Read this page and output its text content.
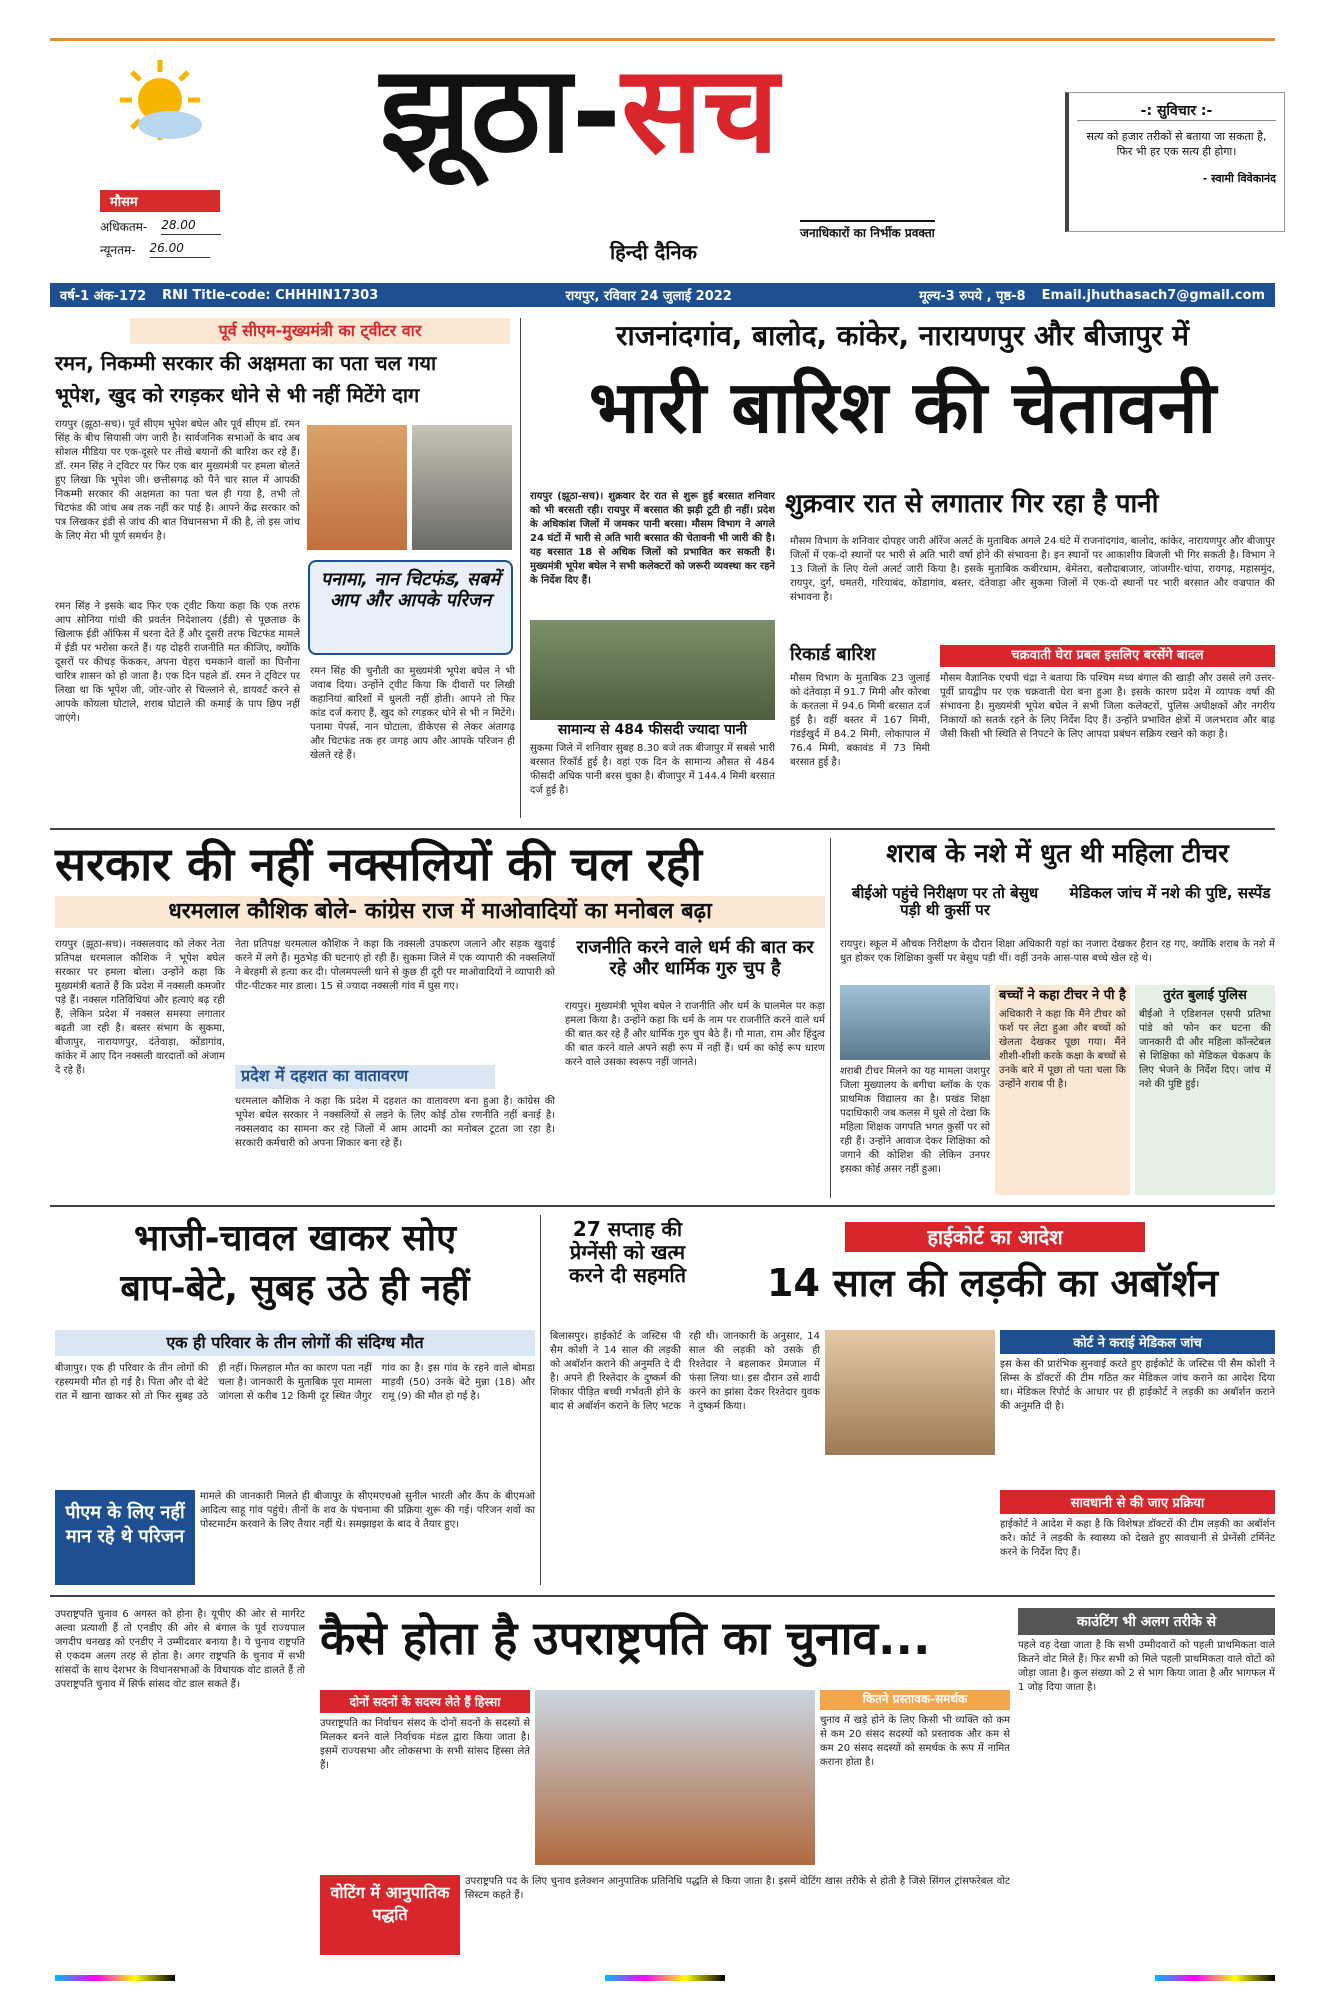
मौसम
अधिकतम- 28.00
न्यूनतम- 26.00
झूठा-सच
हिन्दी दैनिक
जनाधिकारों का निर्भीक प्रवक्ता
-: सुविचार :-
सत्य को हजार तरीकों से बताया जा सकता है, फिर भी हर एक सत्य ही होगा।
- स्वामी विवेकानंद
वर्ष-1 अंक-172 RNI Title-code: CHHHIN17303	रायपुर, रविवार 24 जुलाई 2022	मूल्य-3 रुपये , पृष्ठ-8 Email.jhuthasach7@gmail.com
पूर्व सीएम-मुख्यमंत्री का ट्वीटर वार
रमन, निकम्मी सरकार की अक्षमता का पता चल गया
भूपेश, खुद को रगड़कर धोने से भी नहीं मिटेंगे दाग
रायपुर (झूठा-सच)। पूर्व सीएम भूपेश बघेल और पूर्व सीएम डॉ. रमन सिंह के बीच सियासी जंग जारी है। सार्वजनिक सभाओं के बाद अब सोशल मीडिया पर एक-दूसरे पर तीखे बयानों की बारिश कर रहे हैं। डॉ. रमन सिंह ने ट्विटर पर फिर एक बार मुख्यमंत्री पर हमला बोलते हुए लिखा कि भूपेश जी। छत्तीसगढ़ को पैने चार साल में आपकी निकम्मी सरकार की अक्षमता का पता चल ही गया है, तभी तो चिटफंड की जांच अब तक नहीं कर पाई है। आपने केंद्र सरकार को पत्र लिखकर इंडी से जांच की बात विधानसभा में की है, तो इस जांच के लिए मेरा भी पूर्ण समर्थन है।
रमन सिंह ने इसके बाद फिर एक ट्वीट किया कहा कि एक तरफ आप सोनिया गांधी की प्रवर्तन निदेशालय (ईडी) से पूछताछ के खिलाफ ईडी ऑफिस में धरना देते हैं और दूसरी तरफ चिटफंड मामले में ईडी पर भरोसा करते हैं। यह दोहरी राजनीति मत कीजिए, क्योंकि दूसरों पर कीचड़ फेंककर, अपना चेहरा चमकाने वालों का घिनौना चारित्र शासन को हो जाता है। एक दिन पहले डॉ. रमन ने ट्विटर पर लिखा था कि भूपेश जी, जोर-जोर से चिल्लाने से, डायवर्ट करने से आपके कोयला घोटाले, शराब घोटाले की कमाई के पाप छिप नहीं जाएंगे।
पनामा, नान चिटफंड, सबमें आप और आपके परिजन
रमन सिंह की चुनौती का मुख्यमंत्री भूपेश बघेल ने भी जवाब दिया। उन्होंने ट्वीट किया कि दीवारों पर लिखी कहानियां बारिशों में धुलती नहीं होती। आपने तो फिर कांड दर्ज कराए हैं, खुद को रगड़कर धोने से भी न मिटेंगे। पनामा पेपर्स, नान घोटाला, डीकेएस से लेकर अंतागढ़ और चिटफंड तक हर जगह आप और आपके परिजन ही खेलते रहे हैं।
राजनांदगांव, बालोद, कांकेर, नारायणपुर और बीजापुर में
भारी बारिश की चेतावनी
रायपुर (झूठा-सच)। शुक्रवार देर रात से शुरू हुई बरसात शनिवार को भी बरसती रही। रायपुर में बरसात की झड़ी टूटी ही नहीं। प्रदेश के अधिकांश जिलों में जमकर पानी बरसा। मौसम विभाग ने अगले 24 घंटों में भारी से अति भारी बरसात की चेतावनी भी जारी की है। यह बरसात 18 से अधिक जिलों को प्रभावित कर सकती है। मुख्यमंत्री भूपेश बघेल ने सभी कलेक्टरों को जरूरी व्यवस्था कर रहने के निर्देश दिए हैं।
शुक्रवार रात से लगातार गिर रहा है पानी
मौसम विभाग के शनिवार दोपहर जारी ऑरेंज अलर्ट के मुताबिक अगले 24 घंटे में राजनांदगांव, बालोद, कांकेर, नारायणपुर और बीजापुर जिलों में एक-दो स्थानों पर भारी से अति भारी वर्षा होने की संभावना है। इन स्थानों पर आकाशीय बिजली भी गिर सकती है। विभाग ने 13 जिलों के लिए येलो अलर्ट जारी किया है। इसके मुताबिक कबीरधाम, बेमेतरा, बलौदाबाजार, जांजगीर-चांपा, रायगढ़, महासमुंद, रायपुर, दुर्ग, धमतरी, गरियाबंद, कोंडागांव, बस्तर, दंतेवाड़ा और सुकमा जिलों में एक-दो स्थानों पर भारी बरसात और वज्रपात की संभावना है।
सामान्य से 484 फीसदी ज्यादा पानी
सुकमा जिले में शनिवार सुबह 8.30 बजे तक बीजापुर में सबसे भारी बरसात रिकॉर्ड हुई है। वहां एक दिन के सामान्य औसत से 484 फीसदी अधिक पानी बरस चुका है। बीजापुर में 144.4 मिमी बरसात दर्ज हुई है।
रिकार्ड बारिश
मौसम विभाग के मुताबिक 23 जुलाई को दंतेवाड़ा में 91.7 मिमी और कोरबा के करतला में 94.6 मिमी बरसात दर्ज हुई है। वहीं बस्तर में 167 मिमी, गंडईखुर्द में 84.2 मिमी, लोकापाल में 76.4 मिमी, बकावंड में 73 मिमी बरसात हुई है।
चक्रवाती घेरा प्रबल इसलिए बरसेंगे बादल
मौसम वैज्ञानिक एचपी चंद्रा ने बताया कि पश्चिम मध्य बंगाल की खाड़ी और उससे लगे उत्तर-पूर्वी प्रायद्वीप पर एक चक्रवाती घेरा बना हुआ है। इसके कारण प्रदेश में व्यापक वर्षा की संभावना है। मुख्यमंत्री भूपेश बघेल ने सभी जिला कलेक्टरों, पुलिस अधीक्षकों और नगरीय निकायों को सतर्क रहने के लिए निर्देश दिए हैं। उन्होंने प्रभावित क्षेत्रों में जलभराव और बाढ़ जैसी किसी भी स्थिति से निपटने के लिए आपदा प्रबंधन सक्रिय रखने को कहा है।
सरकार की नहीं नक्सलियों की चल रही
धरमलाल कौशिक बोले- कांग्रेस राज में माओवादियों का मनोबल बढ़ा
रायपुर (झूठा-सच)। नक्सलवाद को लेकर नेता प्रतिपक्ष धरमलाल कौशिक ने भूपेश बघेल सरकार पर हमला बोला। उन्होंने कहा कि मुख्यमंत्री बताते हैं कि प्रदेश में नक्सली कमजोर पड़े हैं। नक्सल गतिविधियां और हत्याएं बढ़ रही हैं, लेकिन प्रदेश में नक्सल समस्या लगातार बढ़ती जा रही है। बस्तर संभाग के सुकमा, बीजापुर, नारायणपुर, दंतेवाड़ा, कोंडागांव, कांकेर में आए दिन नक्सली वारदातों को अंजाम दे रहे हैं।
नेता प्रतिपक्ष धरमलाल कौशिक ने कहा कि नक्सली उपकरण जलाने और सड़क खुदाई करने में लगे हैं। मुठभेड़ की घटनाएं हो रही हैं। सुकमा जिले में एक व्यापारी की नक्सलियों ने बेरहमी से हत्या कर दी। पोलमपल्ली थाने से कुछ ही दूरी पर माओवादियों ने व्यापारी को पीट-पीटकर मार डाला। 15 से ज्यादा नक्सली गांव में घुस गए।
प्रदेश में दहशत का वातावरण
धरमलाल कौशिक ने कहा कि प्रदेश में दहशत का वातावरण बना हुआ है। कांग्रेस की भूपेश बघेल सरकार ने नक्सलियों से लड़ने के लिए कोई ठोस रणनीति नहीं बनाई है। नक्सलवाद का सामना कर रहे जिलों में आम आदमी का मनोबल टूटता जा रहा है। सरकारी कर्मचारी को अपना शिकार बना रहे हैं।
राजनीति करने वाले धर्म की बात कर रहे और धार्मिक गुरु चुप है
रायपुर। मुख्यमंत्री भूपेश बघेल ने राजनीति और धर्म के घालमेल पर कड़ा हमला किया है। उन्होंने कहा कि धर्म के नाम पर राजनीति करने वाले धर्म की बात कर रहे हैं और धार्मिक गुरु चुप बैठे हैं। गौ माता, राम और हिंदुत्व की बात करने वाले अपने सही रूप में नहीं हैं। धर्म का कोई रूप धारण करने वाले उसका स्वरूप नहीं जानते।
शराब के नशे में धुत थी महिला टीचर
बीईओ पहुंचे निरीक्षण पर तो बेसुध पड़ी थी कुर्सी पर
मेडिकल जांच में नशे की पुष्टि, सस्पेंड
रायपुर। स्कूल में औचक निरीक्षण के दौरान शिक्षा अधिकारी यहां का नजारा देखकर हैरान रह गए, क्योंकि शराब के नशे में धुत होकर एक शिक्षिका कुर्सी पर बेसुध पड़ी थीं। वहीं उनके आस-पास बच्चे खेल रहे थे।
शराबी टीचर मिलने का यह मामला जशपुर जिला मुख्यालय के बगीचा ब्लॉक के एक प्राथमिक विद्यालय का है। प्रखंड शिक्षा पदाधिकारी जब कलस में घुसे तो देखा कि महिला शिक्षक जगपति भगत कुर्सी पर सो रही हैं। उन्होंने आवाज देकर शिक्षिका को जगाने की कोशिश की लेकिन उनपर इसका कोई असर नहीं हुआ।
बच्चों ने कहा टीचर ने पी है
अधिकारी ने कहा कि मैंने टीचर को फर्श पर लेटा हुआ और बच्चों को खेलता देखकर पूछा गया। मैंने शीशी-शीशी करके कक्षा के बच्चों से उनके बारे में पूछा तो पता चला कि उन्होंने शराब पी है।
तुरंत बुलाई पुलिस
बीईओ ने एडिशनल एसपी प्रतिभा पांडे को फोन कर घटना की जानकारी दी और महिला कॉन्स्टेबल से शिक्षिका को मेडिकल चेकअप के लिए भेजने के निर्देश दिए। जांच में नशे की पुष्टि हुई।
भाजी-चावल खाकर सोए
बाप-बेटे, सुबह उठे ही नहीं
एक ही परिवार के तीन लोगों की संदिग्ध मौत
बीजापुर। एक ही परिवार के तीन लोगों की रहस्यमयी मौत हो गई है। पिता और दो बेटे रात में खाना खाकर सो तो फिर सुबह उठे ही नहीं। फिलहाल मौत का कारण पता नहीं चला है। जानकारी के मुताबिक पूरा मामला जांगला से करीब 12 किमी दूर स्थित जैगुर गांव का है। इस गांव के रहने वाले बोमडा माड़वी (50) उनके बेटे मुन्ना (18) और रामू (9) की मौत हो गई है।
पीएम के लिए नहीं मान रहे थे परिजन
मामले की जानकारी मिलते ही बीजापुर के सीएमएचओ सुनील भारती और कैंप के बीएमओ आदित्य साहू गांव पहुंचे। तीनों के शव के पंचनामा की प्रक्रिया शुरू की गई। परिजन शवों का पोस्टमार्टम करवाने के लिए तैयार नहीं थे। समझाइश के बाद वे तैयार हुए।
27 सप्ताह की प्रेग्नेंसी को खत्म करने दी सहमति
हाईकोर्ट का आदेश
14 साल की लड़की का अबॉर्शन
बिलासपुर। हाईकोर्ट के जस्टिस पी सैम कोशी ने 14 साल की लड़की को अबॉर्शन कराने की अनुमति दे दी है। अपने ही रिश्तेदार के दुष्कर्म की शिकार पीड़ित बच्ची गर्भवती होने के बाद से अबॉर्शन कराने के लिए भटक रही थी। जानकारी के अनुसार, 14 साल की लड़की को उसके ही रिश्तेदार ने बहलाकर प्रेमजाल में फंसा लिया था। इस दौरान उसे शादी करने का झांसा देकर रिश्तेदार युवक ने दुष्कर्म किया।
कोर्ट ने कराई मेडिकल जांच
इस केस की प्रारंभिक सुनवाई करते हुए हाईकोर्ट के जस्टिस पी सैम कोशी ने सिम्स के डॉक्टरों की टीम गठित कर मेडिकल जांच कराने का आदेश दिया था। मेडिकल रिपोर्ट के आधार पर ही हाईकोर्ट ने लड़की का अबॉर्शन कराने की अनुमति दी है।
सावधानी से की जाए प्रक्रिया
हाईकोर्ट ने आदेश में कहा है कि विशेषज्ञ डॉक्टरों की टीम लड़की का अबॉर्शन करे। कोर्ट ने लड़की के स्वास्थ्य को देखते हुए सावधानी से प्रेग्नेंसी टर्मिनेट करने के निर्देश दिए हैं।
उपराष्ट्रपति चुनाव 6 अगस्त को होना है। यूपीए की ओर से मार्गरेट अल्वा प्रत्याशी हैं तो एनडीए की ओर से बंगाल के पूर्व राज्यपाल जगदीप धनखड़ को एनडीए ने उम्मीदवार बनाया है। ये चुनाव राष्ट्रपति से एकदम अलग तरह से होता है। अगर राष्ट्रपति के चुनाव में सभी सांसदों के साथ देशभर के विधानसभाओं के विधायक वोट डालते हैं तो उपराष्ट्रपति चुनाव में सिर्फ सांसद वोट डाल सकते हैं।
कैसे होता है उपराष्ट्रपति का चुनाव...
दोनों सदनों के सदस्य लेते हैं हिस्सा
उपराष्ट्रपति का निर्वाचन संसद के दोनों सदनों के सदस्यों से मिलकर बनने वाले निर्वाचक मंडल द्वारा किया जाता है। इसमें राज्यसभा और लोकसभा के सभी सांसद हिस्सा लेते हैं।
कितने प्रस्तावक-समर्थक
चुनाव में खड़े होने के लिए किसी भी व्यक्ति को कम से कम 20 संसद सदस्यों को प्रस्तावक और कम से कम 20 संसद सदस्यों को समर्थक के रूप में नामित कराना होता है।
वोटिंग में आनुपातिक पद्धति
उपराष्ट्रपति पद के लिए चुनाव इलेक्शन आनुपातिक प्रतिनिधि पद्धति से किया जाता है। इसमें वोटिंग खास तरीके से होती है जिसे सिंगल ट्रांसफरेबल वोट सिस्टम कहते हैं।
काउंटिंग भी अलग तरीके से
पहले वह देखा जाता है कि सभी उम्मीदवारों को पहली प्राथमिकता वाले कितने वोट मिले हैं। फिर सभी को मिले पहली प्राथमिकता वाले वोटों को जोड़ा जाता है। कुल संख्या को 2 से भाग किया जाता है और भागफल में 1 जोड़ दिया जाता है।
